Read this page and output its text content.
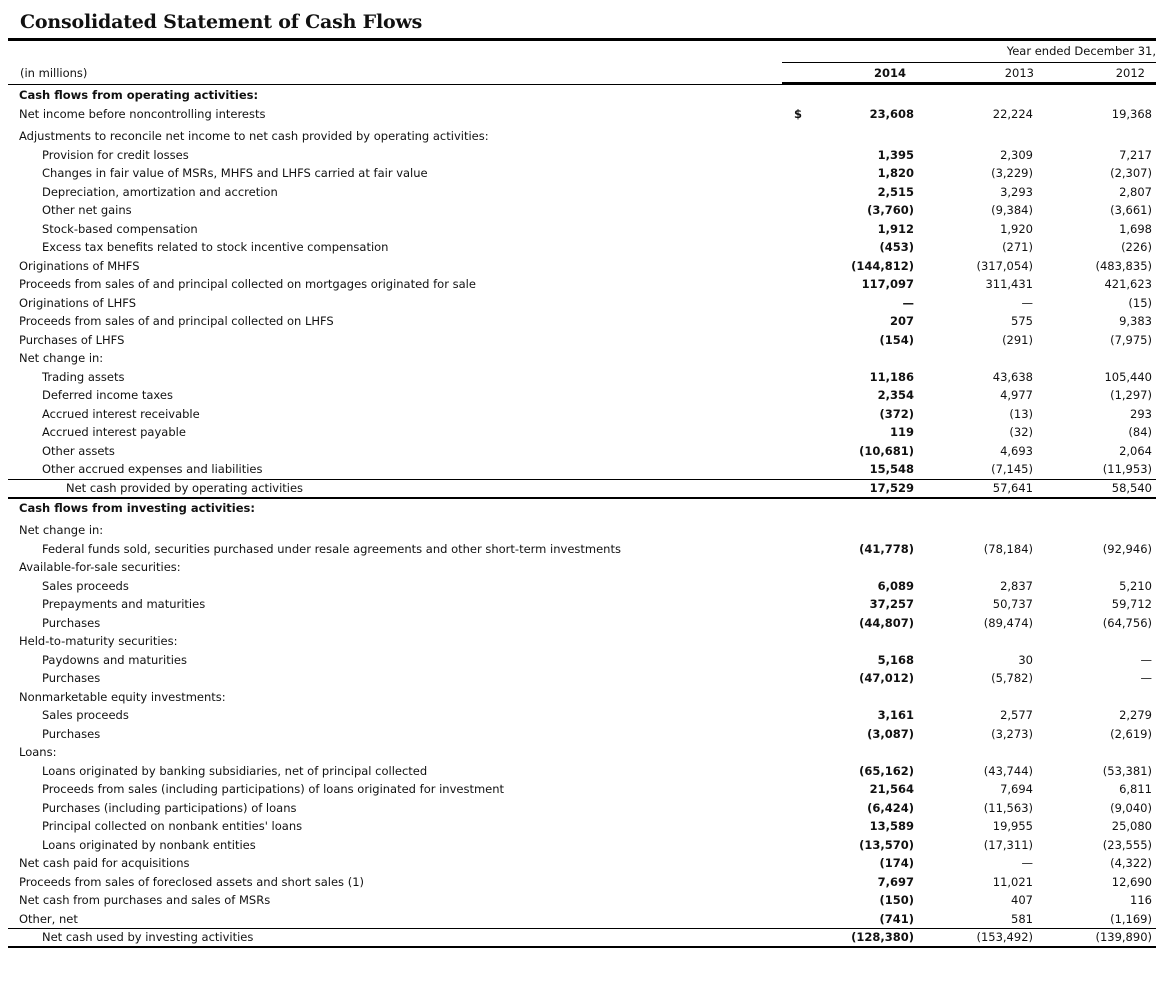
Consolidated Statement of Cash Flows
Year ended December 31,
(in millions)	2014	2013	2012
Cash flows from operating activities:
Net income before noncontrolling interests	$	23,608	22,224	19,368
Adjustments to reconcile net income to net cash provided by operating activities:
Provision for credit losses	1,395	2,309	7,217
Changes in fair value of MSRs, MHFS and LHFS carried at fair value	1,820	(3,229)	(2,307)
Depreciation, amortization and accretion	2,515	3,293	2,807
Other net gains	(3,760)	(9,384)	(3,661)
Stock-based compensation	1,912	1,920	1,698
Excess tax benefits related to stock incentive compensation	(453)	(271)	(226)
Originations of MHFS	(144,812)	(317,054)	(483,835)
Proceeds from sales of and principal collected on mortgages originated for sale	117,097	311,431	421,623
Originations of LHFS	—	—	(15)
Proceeds from sales of and principal collected on LHFS	207	575	9,383
Purchases of LHFS	(154)	(291)	(7,975)
Net change in:
Trading assets	11,186	43,638	105,440
Deferred income taxes	2,354	4,977	(1,297)
Accrued interest receivable	(372)	(13)	293
Accrued interest payable	119	(32)	(84)
Other assets	(10,681)	4,693	2,064
Other accrued expenses and liabilities	15,548	(7,145)	(11,953)
Net cash provided by operating activities	17,529	57,641	58,540
Cash flows from investing activities:
Net change in:
Federal funds sold, securities purchased under resale agreements and other short-term investments	(41,778)	(78,184)	(92,946)
Available-for-sale securities:
Sales proceeds	6,089	2,837	5,210
Prepayments and maturities	37,257	50,737	59,712
Purchases	(44,807)	(89,474)	(64,756)
Held-to-maturity securities:
Paydowns and maturities	5,168	30	—
Purchases	(47,012)	(5,782)	—
Nonmarketable equity investments:
Sales proceeds	3,161	2,577	2,279
Purchases	(3,087)	(3,273)	(2,619)
Loans:
Loans originated by banking subsidiaries, net of principal collected	(65,162)	(43,744)	(53,381)
Proceeds from sales (including participations) of loans originated for investment	21,564	7,694	6,811
Purchases (including participations) of loans	(6,424)	(11,563)	(9,040)
Principal collected on nonbank entities' loans	13,589	19,955	25,080
Loans originated by nonbank entities	(13,570)	(17,311)	(23,555)
Net cash paid for acquisitions	(174)	—	(4,322)
Proceeds from sales of foreclosed assets and short sales (1)	7,697	11,021	12,690
Net cash from purchases and sales of MSRs	(150)	407	116
Other, net	(741)	581	(1,169)
Net cash used by investing activities	(128,380)	(153,492)	(139,890)
